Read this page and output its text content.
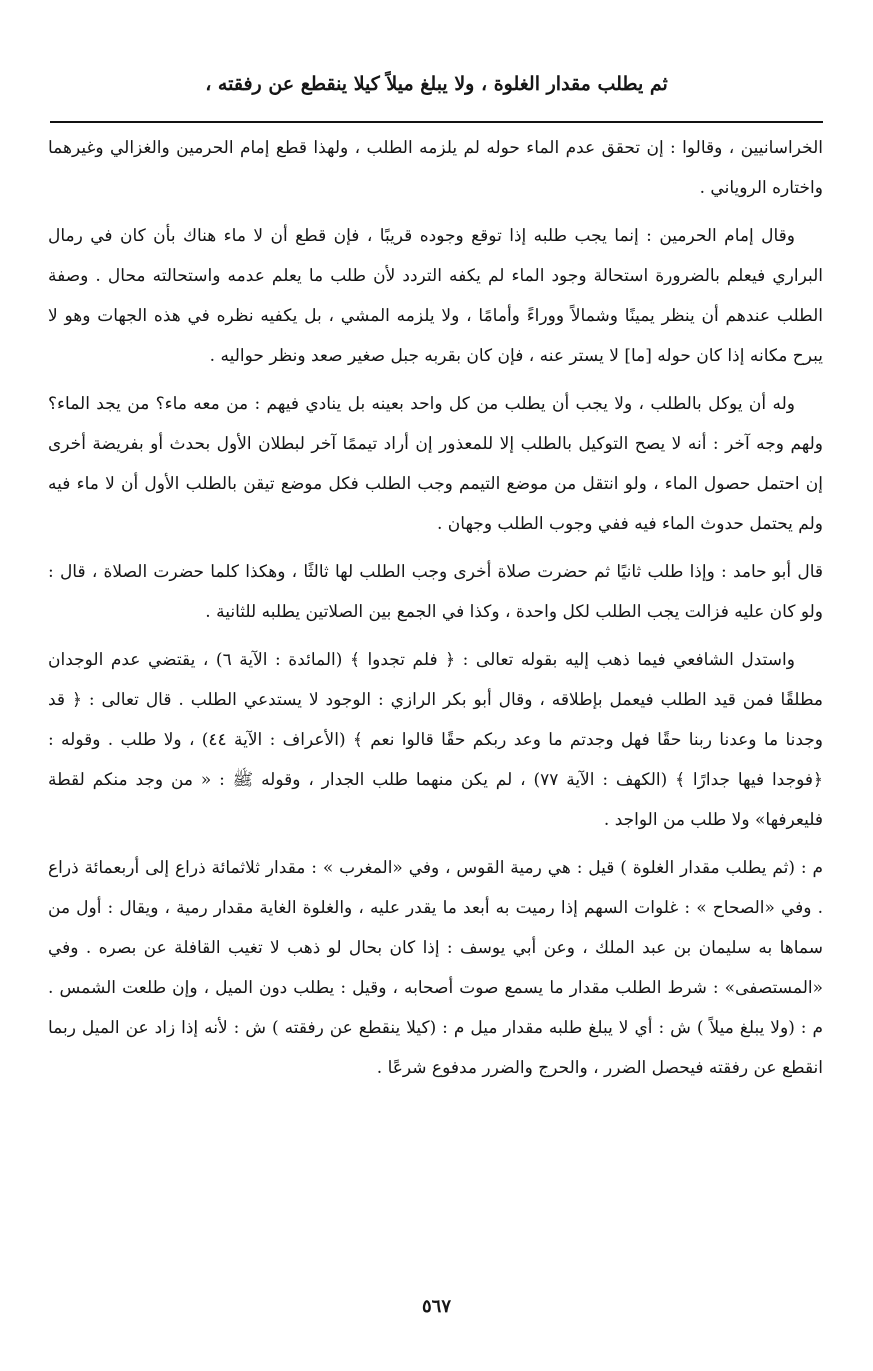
ثم يطلب مقدار الغلوة ، ولا يبلغ ميلاً كيلا ينقطع عن رفقته ،

الخراسانيين ، وقالوا : إن تحقق عدم الماء حوله لم يلزمه الطلب ، ولهذا قطع إمام الحرمين والغزالي وغيرهما واختاره الروياني .

وقال إمام الحرمين : إنما يجب طلبه إذا توقع وجوده قريبًا ، فإن قطع أن لا ماء هناك بأن كان في رمال البراري فيعلم بالضرورة استحالة وجود الماء لم يكفه التردد لأن طلب ما يعلم عدمه واستحالته محال . وصفة الطلب عندهم أن ينظر يمينًا وشمالاً ووراءً وأمامًا ، ولا يلزمه المشي ، بل يكفيه نظره في هذه الجهات وهو لا يبرح مكانه إذا كان حوله [ما] لا يستر عنه ، فإن كان بقربه جبل صغير صعد ونظر حواليه .

وله أن يوكل بالطلب ، ولا يجب أن يطلب من كل واحد بعينه بل ينادي فيهم : من معه ماء؟ من يجد الماء؟ ولهم وجه آخر : أنه لا يصح التوكيل بالطلب إلا للمعذور إن أراد تيممًا آخر لبطلان الأول بحدث أو بفريضة أخرى إن احتمل حصول الماء ، ولو انتقل من موضع التيمم وجب الطلب فكل موضع تيقن بالطلب الأول أن لا ماء فيه ولم يحتمل حدوث الماء فيه ففي وجوب الطلب وجهان .

قال أبو حامد : وإذا طلب ثانيًا ثم حضرت صلاة أخرى وجب الطلب لها ثالثًا ، وهكذا كلما حضرت الصلاة ، قال : ولو كان عليه فزالت يجب الطلب لكل واحدة ، وكذا في الجمع بين الصلاتين يطلبه للثانية .

واستدل الشافعي فيما ذهب إليه بقوله تعالى : ﴿ فلم تجدوا ﴾ (المائدة : الآية ٦) ، يقتضي عدم الوجدان مطلقًا فمن قيد الطلب فيعمل بإطلاقه ، وقال أبو بكر الرازي : الوجود لا يستدعي الطلب . قال تعالى : ﴿ قد وجدنا ما وعدنا ربنا حقًا فهل وجدتم ما وعد ربكم حقًا قالوا نعم ﴾ (الأعراف : الآية ٤٤) ، ولا طلب . وقوله : ﴿فوجدا فيها جدارًا ﴾ (الكهف : الآية ٧٧) ، لم يكن منهما طلب الجدار ، وقوله ﷺ : « من وجد منكم لقطة فليعرفها» ولا طلب من الواجد .

م : (ثم يطلب مقدار الغلوة ) قيل : هي رمية القوس ، وفي «المغرب » : مقدار ثلاثمائة ذراع إلى أربعمائة ذراع . وفي «الصحاح » : غلوات السهم إذا رميت به أبعد ما يقدر عليه ، والغلوة الغاية مقدار رمية ، ويقال : أول من سماها به سليمان بن عبد الملك ، وعن أبي يوسف : إذا كان بحال لو ذهب لا تغيب القافلة عن بصره . وفي «المستصفى» : شرط الطلب مقدار ما يسمع صوت أصحابه ، وقيل : يطلب دون الميل ، وإن طلعت الشمس . م : (ولا يبلغ ميلاً ) ش : أي لا يبلغ طلبه مقدار ميل م : (كيلا ينقطع عن رفقته ) ش : لأنه إذا زاد عن الميل ربما انقطع عن رفقته فيحصل الضرر ، والحرج والضرر مدفوع شرعًا .

٥٦٧
